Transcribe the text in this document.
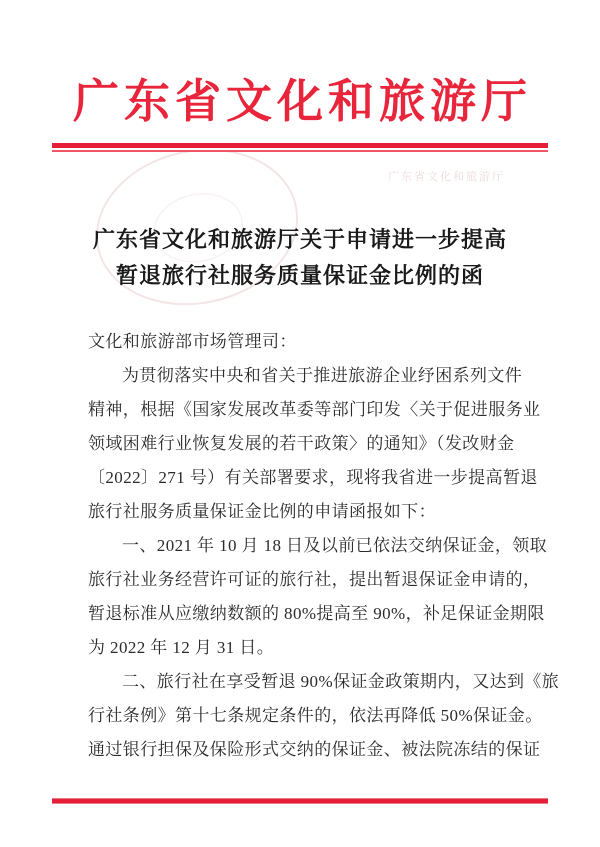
广东省文化和旅游厅
广东省文化和旅游厅
广东省文化和旅游厅关于申请进一步提高
暂退旅行社服务质量保证金比例的函
文化和旅游部市场管理司：
为贯彻落实中央和省关于推进旅游企业纾困系列文件
精神，根据《国家发展改革委等部门印发〈关于促进服务业
领域困难行业恢复发展的若干政策〉的通知》（发改财金
〔2022〕271 号）有关部署要求，现将我省进一步提高暂退
旅行社服务质量保证金比例的申请函报如下：
一、2021 年 10 月 18 日及以前已依法交纳保证金，领取
旅行社业务经营许可证的旅行社，提出暂退保证金申请的，
暂退标准从应缴纳数额的 80%提高至 90%，补足保证金期限
为 2022 年 12 月 31 日。
二、旅行社在享受暂退 90%保证金政策期内，又达到《旅
行社条例》第十七条规定条件的，依法再降低 50%保证金。
通过银行担保及保险形式交纳的保证金、被法院冻结的保证
